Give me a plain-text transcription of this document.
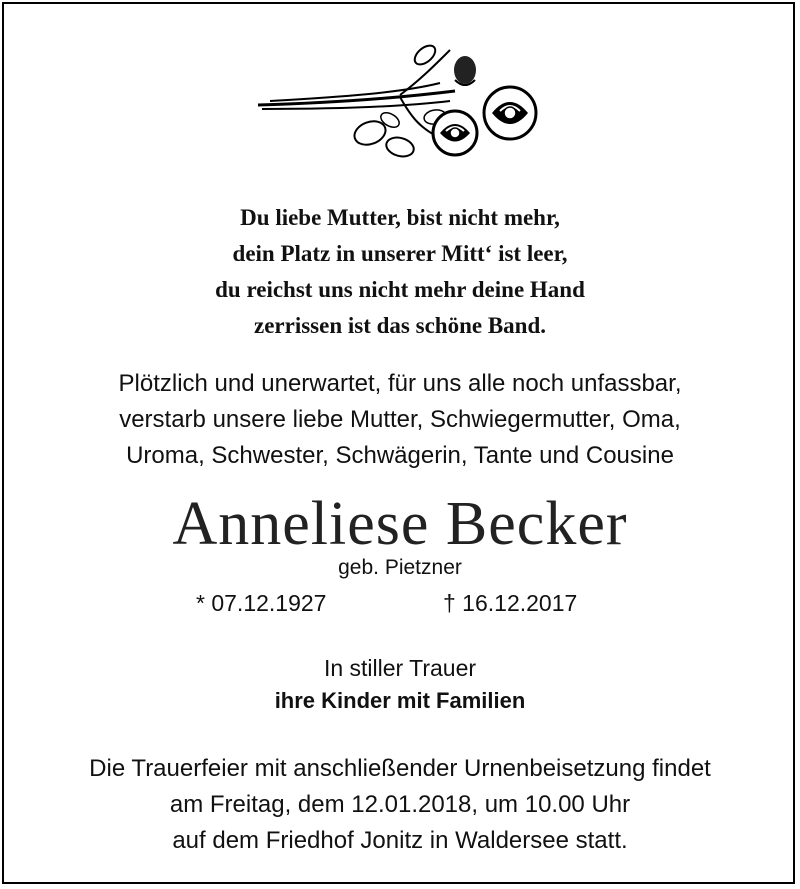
Du liebe Mutter, bist nicht mehr,
dein Platz in unserer Mitt‘ ist leer,
du reichst uns nicht mehr deine Hand
zerrissen ist das schöne Band.
Plötzlich und unerwartet, für uns alle noch unfassbar,
verstarb unsere liebe Mutter, Schwiegermutter, Oma,
Uroma, Schwester, Schwägerin, Tante und Cousine
Anneliese Becker
geb. Pietzner
* 07.12.1927	† 16.12.2017
In stiller Trauer
ihre Kinder mit Familien
Die Trauerfeier mit anschließender Urnenbeisetzung findet
am Freitag, dem 12.01.2018, um 10.00 Uhr
auf dem Friedhof Jonitz in Waldersee statt.
